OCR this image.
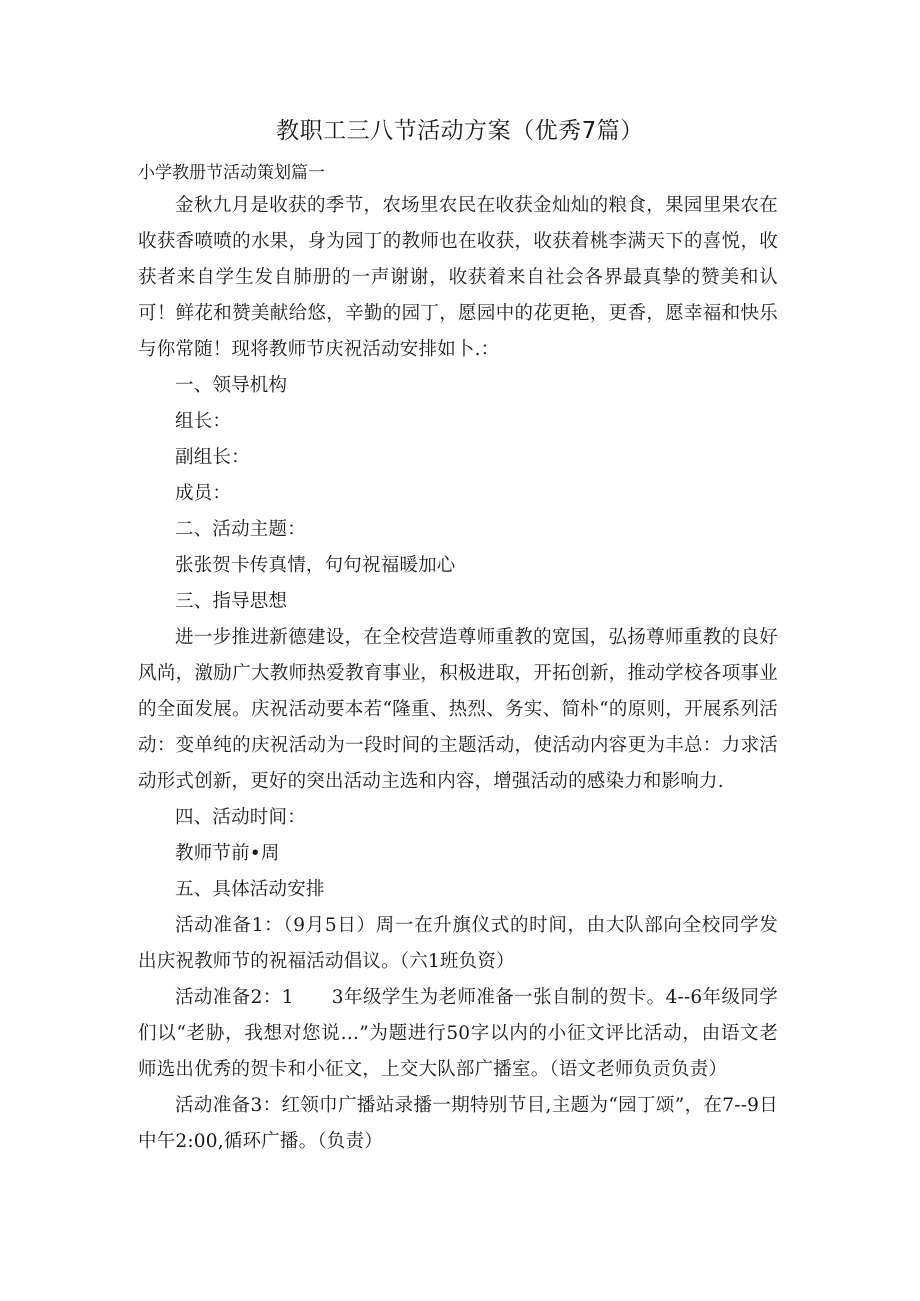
教职工三八节活动方案（优秀7篇）

小学教册节活动策划篇一

金秋九月是收获的季节，农场里农民在收获金灿灿的粮食，果园里果农在收获香喷喷的水果，身为园丁的教师也在收获，收获着桃李满天下的喜悦，收获者来自学生发自肺册的一声谢谢，收获着来自社会各界最真挚的赞美和认可！鲜花和赞美献给悠，辛勤的园丁，愿园中的花更艳，更香，愿幸福和快乐与你常随！现将教师节庆祝活动安排如卜.：

一、领导机构

组长：

副组长：

成员：

二、活动主题：

张张贺卡传真情，句句祝福暖加心

三、指导思想

进一步推进新德建设，在全校营造尊师重教的宽国，弘扬尊师重教的良好风尚，激励广大教师热爱教育事业，积极进取，开拓创新，推动学校各项事业的全面发展。庆祝活动要本若“隆重、热烈、务实、简朴“的原则，开展系列活动：变单纯的庆祝活动为一段时间的主题活动，使活动内容更为丰总：力求活动形式创新，更好的突出活动主选和内容，增强活动的感染力和影响力.

四、活动时间：

教师节前•周

五、具体活动安排

活动准备1：（9月5日）周一在升旗仪式的时间，由大队部向全校同学发出庆祝教师节的祝福活动倡议。（六1班负资）

活动准备2：1　　3年级学生为老师准备一张自制的贺卡。4--6年级同学们以“老胁，我想对您说…”为题进行50字以内的小征文评比活动，由语文老师选出优秀的贺卡和小征文，上交大队部广播室。（语文老师负贡负责）

活动准备3：红领巾广播站录播一期特别节目,主题为“园丁颂”，在7--9日中午2:00,循环广播。（负责）
